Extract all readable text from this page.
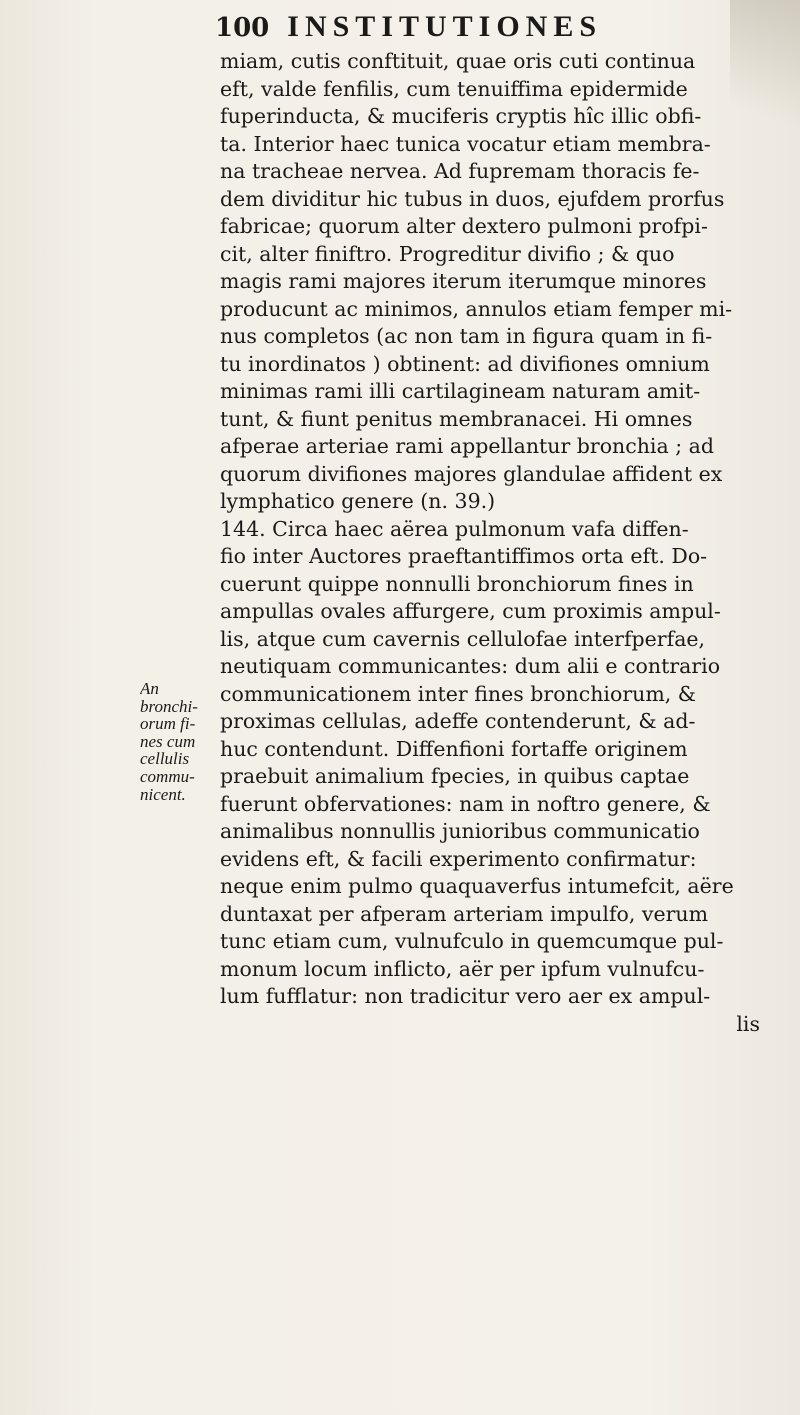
100 INSTITUTIONES
An
bronchi-
orum fi-
nes cum
cellulis
commu-
nicent.
miam, cutis conftituit, quae oris cuti continua
eft, valde fenfilis, cum tenuiffima epidermide
fuperinducta, & muciferis cryptis hîc illic obfi-
ta. Interior haec tunica vocatur etiam membra-
na tracheae nervea. Ad fupremam thoracis fe-
dem dividitur hic tubus in duos, ejufdem prorfus
fabricae; quorum alter dextero pulmoni profpi-
cit, alter finiftro. Progreditur divifio ; & quo
magis rami majores iterum iterumque minores
producunt ac minimos, annulos etiam femper mi-
nus completos (ac non tam in figura quam in fi-
tu inordinatos ) obtinent: ad divifiones omnium
minimas rami illi cartilagineam naturam amit-
tunt, & fiunt penitus membranacei. Hi omnes
afperae arteriae rami appellantur bronchia ; ad
quorum divifiones majores glandulae affident ex
lymphatico genere (n. 39.)
144. Circa haec aërea pulmonum vafa diffen-
fio inter Auctores praeftantiffimos orta eft. Do-
cuerunt quippe nonnulli bronchiorum fines in
ampullas ovales affurgere, cum proximis ampul-
lis, atque cum cavernis cellulofae interfperfae,
neutiquam communicantes: dum alii e contrario
communicationem inter fines bronchiorum, &
proximas cellulas, adeffe contenderunt, & ad-
huc contendunt. Diffenfioni fortaffe originem
praebuit animalium fpecies, in quibus captae
fuerunt obfervationes: nam in noftro genere, &
animalibus nonnullis junioribus communicatio
evidens eft, & facili experimento confirmatur:
neque enim pulmo quaquaverfus intumefcit, aëre
duntaxat per afperam arteriam impulfo, verum
tunc etiam cum, vulnufculo in quemcumque pul-
monum locum inflicto, aër per ipfum vulnufcu-
lum fufflatur: non tradicitur vero aer ex ampul-
lis
